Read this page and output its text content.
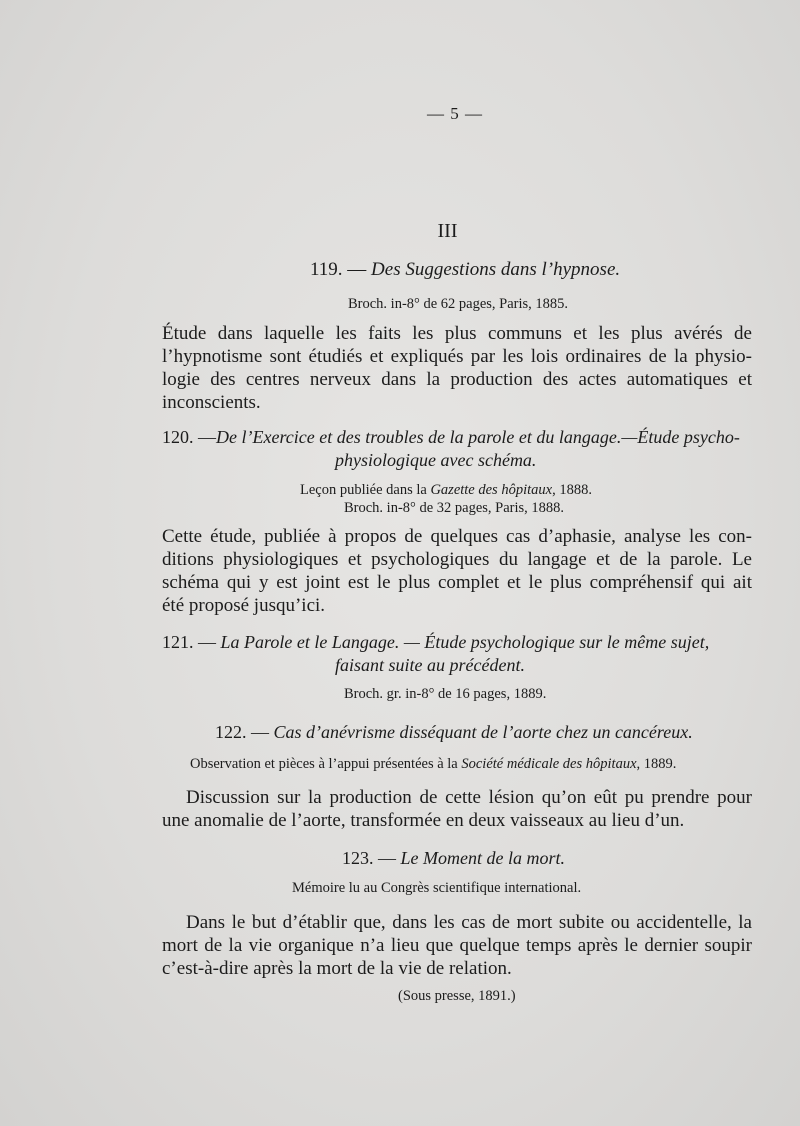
— 5 —
III
119. — Des Suggestions dans l’hypnose.
Broch. in-8° de 62 pages, Paris, 1885.
Étude dans laquelle les faits les plus communs et les plus avérés de
l’hypnotisme sont étudiés et expliqués par les lois ordinaires de la physio-
logie des centres nerveux dans la production des actes automatiques et
inconscients.
120. —De l’Exercice et des troubles de la parole et du langage.—Étude psycho-
physiologique avec schéma.
Leçon publiée dans la Gazette des hôpitaux, 1888.
Broch. in-8° de 32 pages, Paris, 1888.
Cette étude, publiée à propos de quelques cas d’aphasie, analyse les con-
ditions physiologiques et psychologiques du langage et de la parole. Le
schéma qui y est joint est le plus complet et le plus compréhensif qui ait
été proposé jusqu’ici.
121. — La Parole et le Langage. — Étude psychologique sur le même sujet,
faisant suite au précédent.
Broch. gr. in-8° de 16 pages, 1889.
122. — Cas d’anévrisme disséquant de l’aorte chez un cancéreux.
Observation et pièces à l’appui présentées à la Société médicale des hôpitaux, 1889.
Discussion sur la production de cette lésion qu’on eût pu prendre pour
une anomalie de l’aorte, transformée en deux vaisseaux au lieu d’un.
123. — Le Moment de la mort.
Mémoire lu au Congrès scientifique international.
Dans le but d’établir que, dans les cas de mort subite ou accidentelle, la
mort de la vie organique n’a lieu que quelque temps après le dernier soupir
c’est-à-dire après la mort de la vie de relation.
(Sous presse, 1891.)
